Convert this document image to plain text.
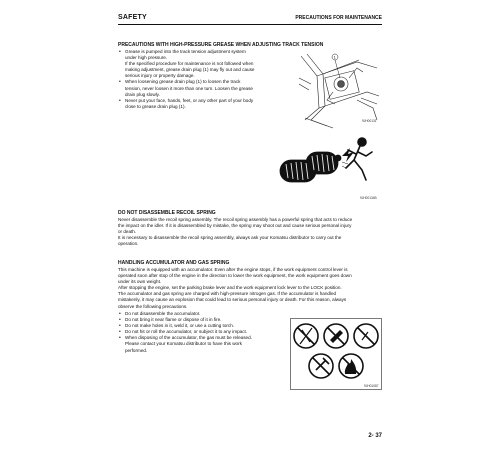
SAFETY	PRECAUTIONS FOR MAINTENANCE
PRECAUTIONS WITH HIGH-PRESSURE GREASE WHEN ADJUSTING TRACK TENSION
• Grease is pumped into the track tension adjustment system
under high pressure.
If the specified procedure for maintenance is not followed when
making adjustment, grease drain plug (1) may fly out and cause
serious injury or property damage.
• When loosening grease drain plug (1) to loosen the track
tension, never loosen it more than one turn. Loosen the grease
drain plug slowly.
• Never put your face, hands, feet, or any other part of your body
close to grease drain plug (1).
1
9JH00131
9JH00134B
DO NOT DISASSEMBLE RECOIL SPRING

Never disassemble the recoil spring assembly. The recoil spring assembly has a powerful spring that acts to reduce

the impact on the idler. If it is disassembled by mistake, the spring may shoot out and cause serious personal injury

or death.

It is necessary to disassemble the recoil spring assembly, always ask your Komatsu distributor to carry out the

operation.

HANDLING ACCUMULATOR AND GAS SPRING

This machine is equipped with an accumulator. Even after the engine stops, if the work equipment control lever is

operated soon after stop of the engine in the direction to lower the work equipment, the work equipment goes down

under its own weight.

After stopping the engine, set the parking brake lever and the work equipment lock lever to the LOCK position.

The accumulator and gas spring are charged with high-pressure nitrogen gas. If the accumulator is handled

mistakenly, it may cause an explosion that could lead to serious personal injury or death. For this reason, always

observe the following precautions.

• Do not disassemble the accumulator.
• Do not bring it near flame or dispose of it in fire.
• Do not make holes in it, weld it, or use a cutting torch.
• Do not hit or roll the accumulator, or subject it to any impact.
• When disposing of the accumulator, the gas must be released.
Please contact your Komatsu distributor to have this work
performed.
9JH01087
2- 37
